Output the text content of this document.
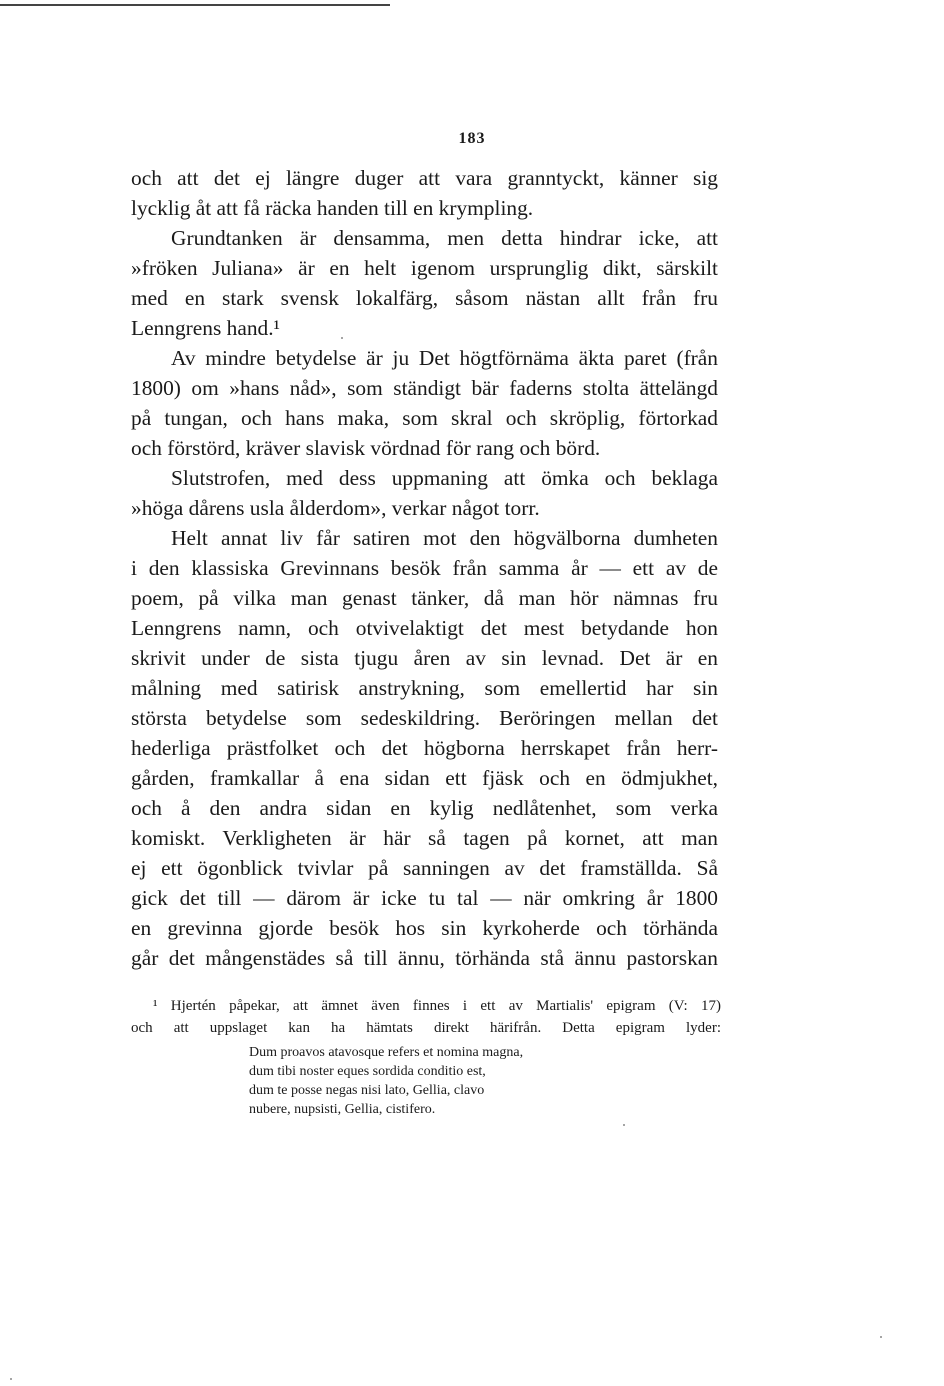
183
och att det ej längre duger att vara granntyckt, känner sig
lycklig åt att få räcka handen till en krympling.
Grundtanken är densamma, men detta hindrar icke, att
»fröken Juliana» är en helt igenom ursprunglig dikt, särskilt
med en stark svensk lokalfärg, såsom nästan allt från fru
Lenngrens hand.¹
Av mindre betydelse är ju Det högtförnäma äkta paret (från
1800) om »hans nåd», som ständigt bär faderns stolta ättelängd
på tungan, och hans maka, som skral och skröplig, förtorkad
och förstörd, kräver slavisk vördnad för rang och börd.
Slutstrofen, med dess uppmaning att ömka och beklaga
»höga dårens usla ålderdom», verkar något torr.
Helt annat liv får satiren mot den högvälborna dumheten
i den klassiska Grevinnans besök från samma år — ett av de
poem, på vilka man genast tänker, då man hör nämnas fru
Lenngrens namn, och otvivelaktigt det mest betydande hon
skrivit under de sista tjugu åren av sin levnad. Det är en
målning med satirisk anstrykning, som emellertid har sin
största betydelse som sedeskildring. Beröringen mellan det
hederliga prästfolket och det högborna herrskapet från herr-
gården, framkallar å ena sidan ett fjäsk och en ödmjukhet,
och å den andra sidan en kylig nedlåtenhet, som verka
komiskt. Verkligheten är här så tagen på kornet, att man
ej ett ögonblick tvivlar på sanningen av det framställda. Så
gick det till — därom är icke tu tal — när omkring år 1800
en grevinna gjorde besök hos sin kyrkoherde och törhända
går det mångenstädes så till ännu, törhända stå ännu pastorskan
¹ Hjertén påpekar, att ämnet även finnes i ett av Martialis' epigram (V: 17)
och att uppslaget kan ha hämtats direkt härifrån. Detta epigram lyder:
Dum proavos atavosque refers et nomina magna,
dum tibi noster eques sordida conditio est,
dum te posse negas nisi lato, Gellia, clavo
nubere, nupsisti, Gellia, cistifero.
